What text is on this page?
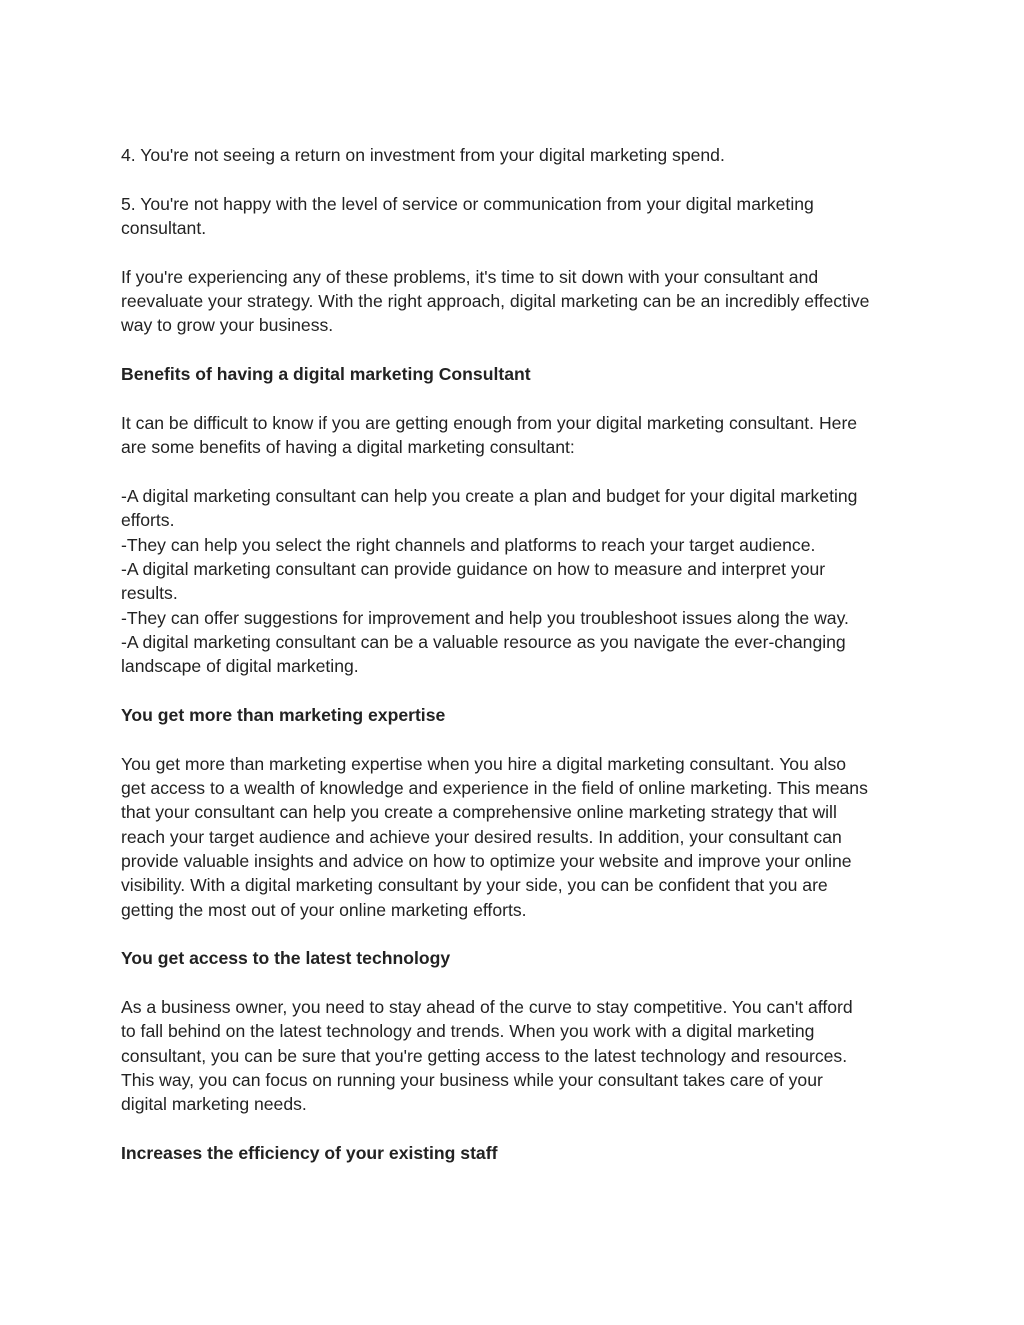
4. You're not seeing a return on investment from your digital marketing spend.

5. You're not happy with the level of service or communication from your digital marketing
consultant.

If you're experiencing any of these problems, it's time to sit down with your consultant and
reevaluate your strategy. With the right approach, digital marketing can be an incredibly effective
way to grow your business.

Benefits of having a digital marketing Consultant

It can be difficult to know if you are getting enough from your digital marketing consultant. Here
are some benefits of having a digital marketing consultant:

-A digital marketing consultant can help you create a plan and budget for your digital marketing
efforts.

-They can help you select the right channels and platforms to reach your target audience.

-A digital marketing consultant can provide guidance on how to measure and interpret your
results.

-They can offer suggestions for improvement and help you troubleshoot issues along the way.

-A digital marketing consultant can be a valuable resource as you navigate the ever-changing
landscape of digital marketing.

You get more than marketing expertise

You get more than marketing expertise when you hire a digital marketing consultant. You also
get access to a wealth of knowledge and experience in the field of online marketing. This means
that your consultant can help you create a comprehensive online marketing strategy that will
reach your target audience and achieve your desired results. In addition, your consultant can
provide valuable insights and advice on how to optimize your website and improve your online
visibility. With a digital marketing consultant by your side, you can be confident that you are
getting the most out of your online marketing efforts.

You get access to the latest technology

As a business owner, you need to stay ahead of the curve to stay competitive. You can't afford
to fall behind on the latest technology and trends. When you work with a digital marketing
consultant, you can be sure that you're getting access to the latest technology and resources.
This way, you can focus on running your business while your consultant takes care of your
digital marketing needs.

Increases the efficiency of your existing staff
